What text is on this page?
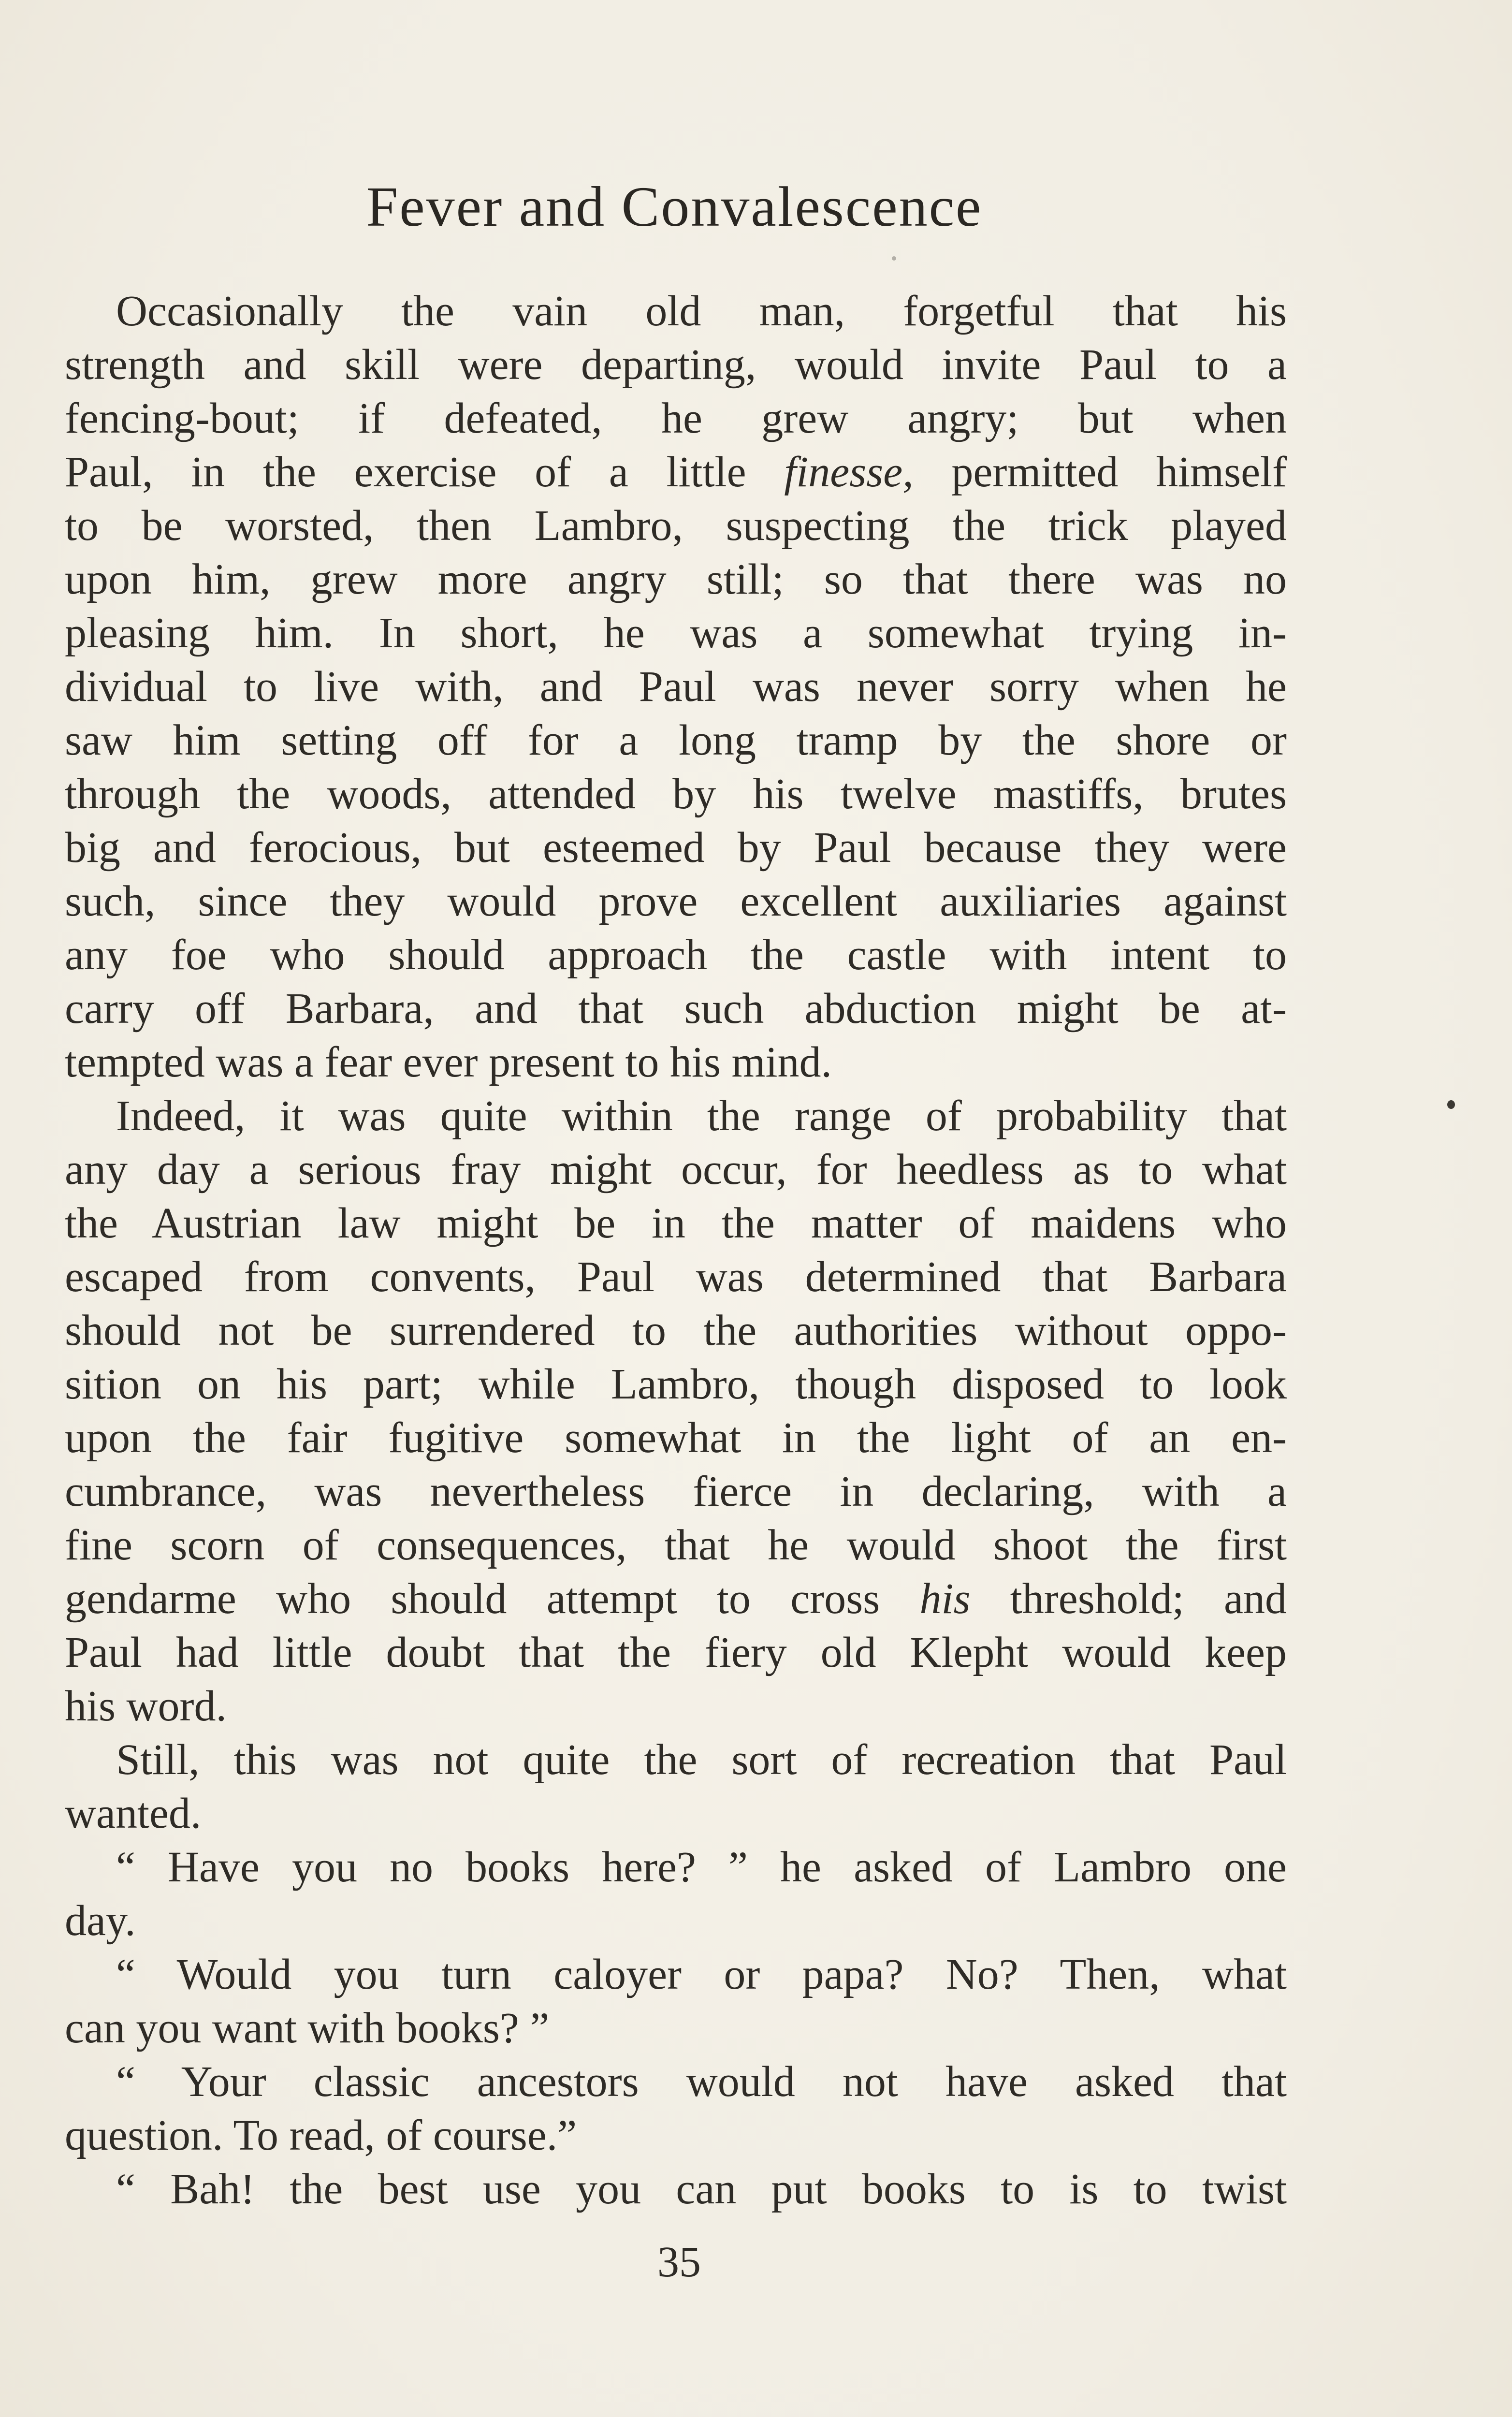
Fever and Convalescence
Occasionally the vain old man, forgetful that his
strength and skill were departing, would invite Paul to a
fencing-bout; if defeated, he grew angry; but when
Paul, in the exercise of a little finesse, permitted himself
to be worsted, then Lambro, suspecting the trick played
upon him, grew more angry still; so that there was no
pleasing him. In short, he was a somewhat trying in-
dividual to live with, and Paul was never sorry when he
saw him setting off for a long tramp by the shore or
through the woods, attended by his twelve mastiffs, brutes
big and ferocious, but esteemed by Paul because they were
such, since they would prove excellent auxiliaries against
any foe who should approach the castle with intent to
carry off Barbara, and that such abduction might be at-
tempted was a fear ever present to his mind.
Indeed, it was quite within the range of probability that
any day a serious fray might occur, for heedless as to what
the Austrian law might be in the matter of maidens who
escaped from convents, Paul was determined that Barbara
should not be surrendered to the authorities without oppo-
sition on his part; while Lambro, though disposed to look
upon the fair fugitive somewhat in the light of an en-
cumbrance, was nevertheless fierce in declaring, with a
fine scorn of consequences, that he would shoot the first
gendarme who should attempt to cross his threshold; and
Paul had little doubt that the fiery old Klepht would keep
his word.
Still, this was not quite the sort of recreation that Paul
wanted.
“ Have you no books here? ” he asked of Lambro one
day.
“ Would you turn caloyer or papa? No? Then, what
can you want with books? ”
“ Your classic ancestors would not have asked that
question. To read, of course.”
“ Bah! the best use you can put books to is to twist
35
